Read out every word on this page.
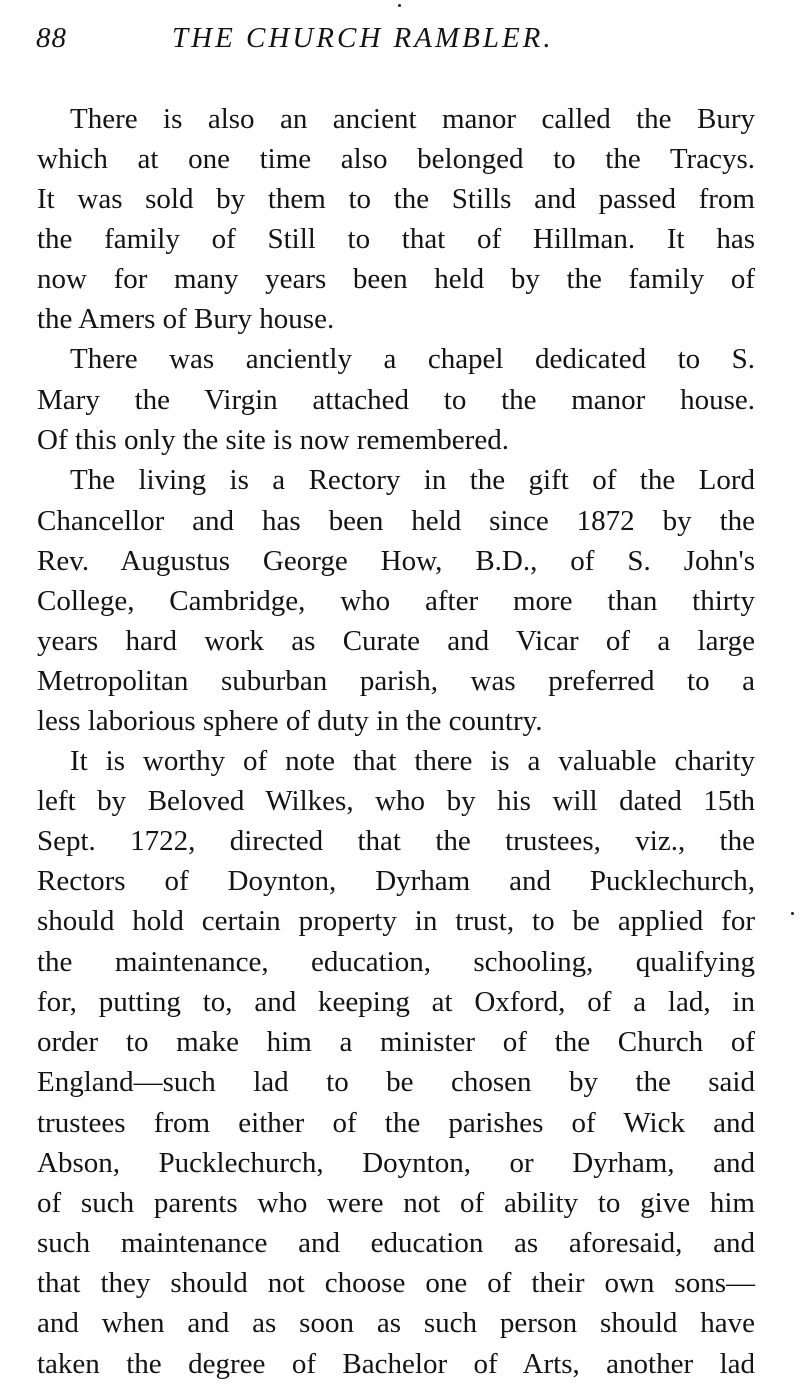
88	THE CHURCH RAMBLER.
There is also an ancient manor called the Bury
which at one time also belonged to the Tracys.
It was sold by them to the Stills and passed from
the family of Still to that of Hillman. It has
now for many years been held by the family of
the Amers of Bury house.
There was anciently a chapel dedicated to S.
Mary the Virgin attached to the manor house.
Of this only the site is now remembered.
The living is a Rectory in the gift of the Lord
Chancellor and has been held since 1872 by the
Rev. Augustus George How, B.D., of S. John's
College, Cambridge, who after more than thirty
years hard work as Curate and Vicar of a large
Metropolitan suburban parish, was preferred to a
less laborious sphere of duty in the country.
It is worthy of note that there is a valuable charity
left by Beloved Wilkes, who by his will dated 15th
Sept. 1722, directed that the trustees, viz., the
Rectors of Doynton, Dyrham and Pucklechurch,
should hold certain property in trust, to be applied for
the maintenance, education, schooling, qualifying
for, putting to, and keeping at Oxford, of a lad, in
order to make him a minister of the Church of
England—such lad to be chosen by the said
trustees from either of the parishes of Wick and
Abson, Pucklechurch, Doynton, or Dyrham, and
of such parents who were not of ability to give him
such maintenance and education as aforesaid, and
that they should not choose one of their own sons—
and when and as soon as such person should have
taken the degree of Bachelor of Arts, another lad
